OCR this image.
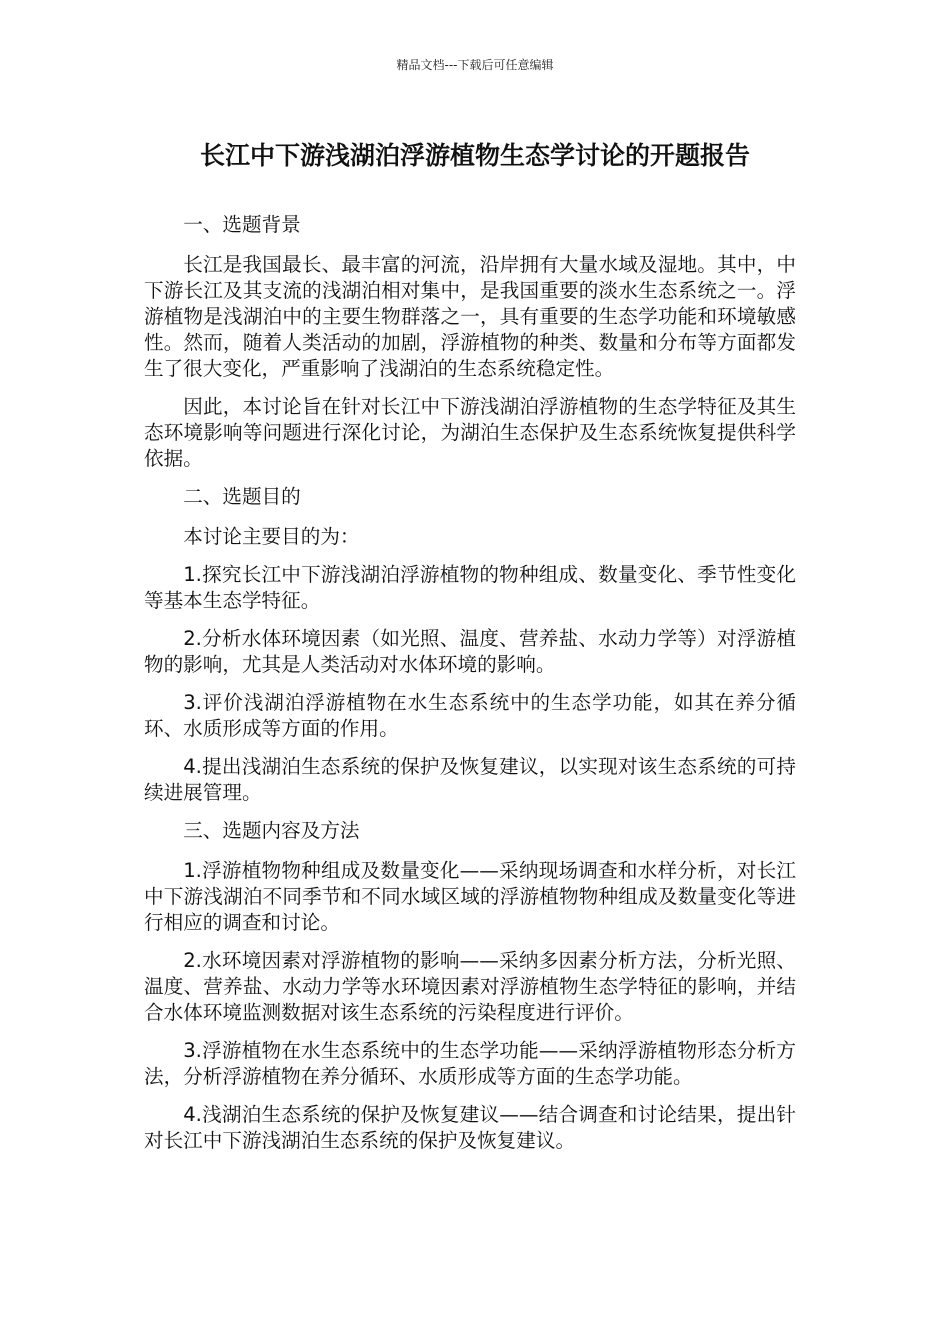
精品文档---下载后可任意编辑
长江中下游浅湖泊浮游植物生态学讨论的开题报告

一、选题背景

长江是我国最长、最丰富的河流，沿岸拥有大量水域及湿地。其中，中下游长江及其支流的浅湖泊相对集中，是我国重要的淡水生态系统之一。浮游植物是浅湖泊中的主要生物群落之一，具有重要的生态学功能和环境敏感性。然而，随着人类活动的加剧，浮游植物的种类、数量和分布等方面都发生了很大变化，严重影响了浅湖泊的生态系统稳定性。

因此，本讨论旨在针对长江中下游浅湖泊浮游植物的生态学特征及其生态环境影响等问题进行深化讨论，为湖泊生态保护及生态系统恢复提供科学依据。

二、选题目的

本讨论主要目的为：

1.探究长江中下游浅湖泊浮游植物的物种组成、数量变化、季节性变化等基本生态学特征。

2.分析水体环境因素（如光照、温度、营养盐、水动力学等）对浮游植物的影响，尤其是人类活动对水体环境的影响。

3.评价浅湖泊浮游植物在水生态系统中的生态学功能，如其在养分循环、水质形成等方面的作用。

4.提出浅湖泊生态系统的保护及恢复建议，以实现对该生态系统的可持续进展管理。

三、选题内容及方法

1.浮游植物物种组成及数量变化——采纳现场调查和水样分析，对长江中下游浅湖泊不同季节和不同水域区域的浮游植物物种组成及数量变化等进行相应的调查和讨论。

2.水环境因素对浮游植物的影响——采纳多因素分析方法，分析光照、温度、营养盐、水动力学等水环境因素对浮游植物生态学特征的影响，并结合水体环境监测数据对该生态系统的污染程度进行评价。

3.浮游植物在水生态系统中的生态学功能——采纳浮游植物形态分析方法，分析浮游植物在养分循环、水质形成等方面的生态学功能。

4.浅湖泊生态系统的保护及恢复建议——结合调查和讨论结果，提出针对长江中下游浅湖泊生态系统的保护及恢复建议。
